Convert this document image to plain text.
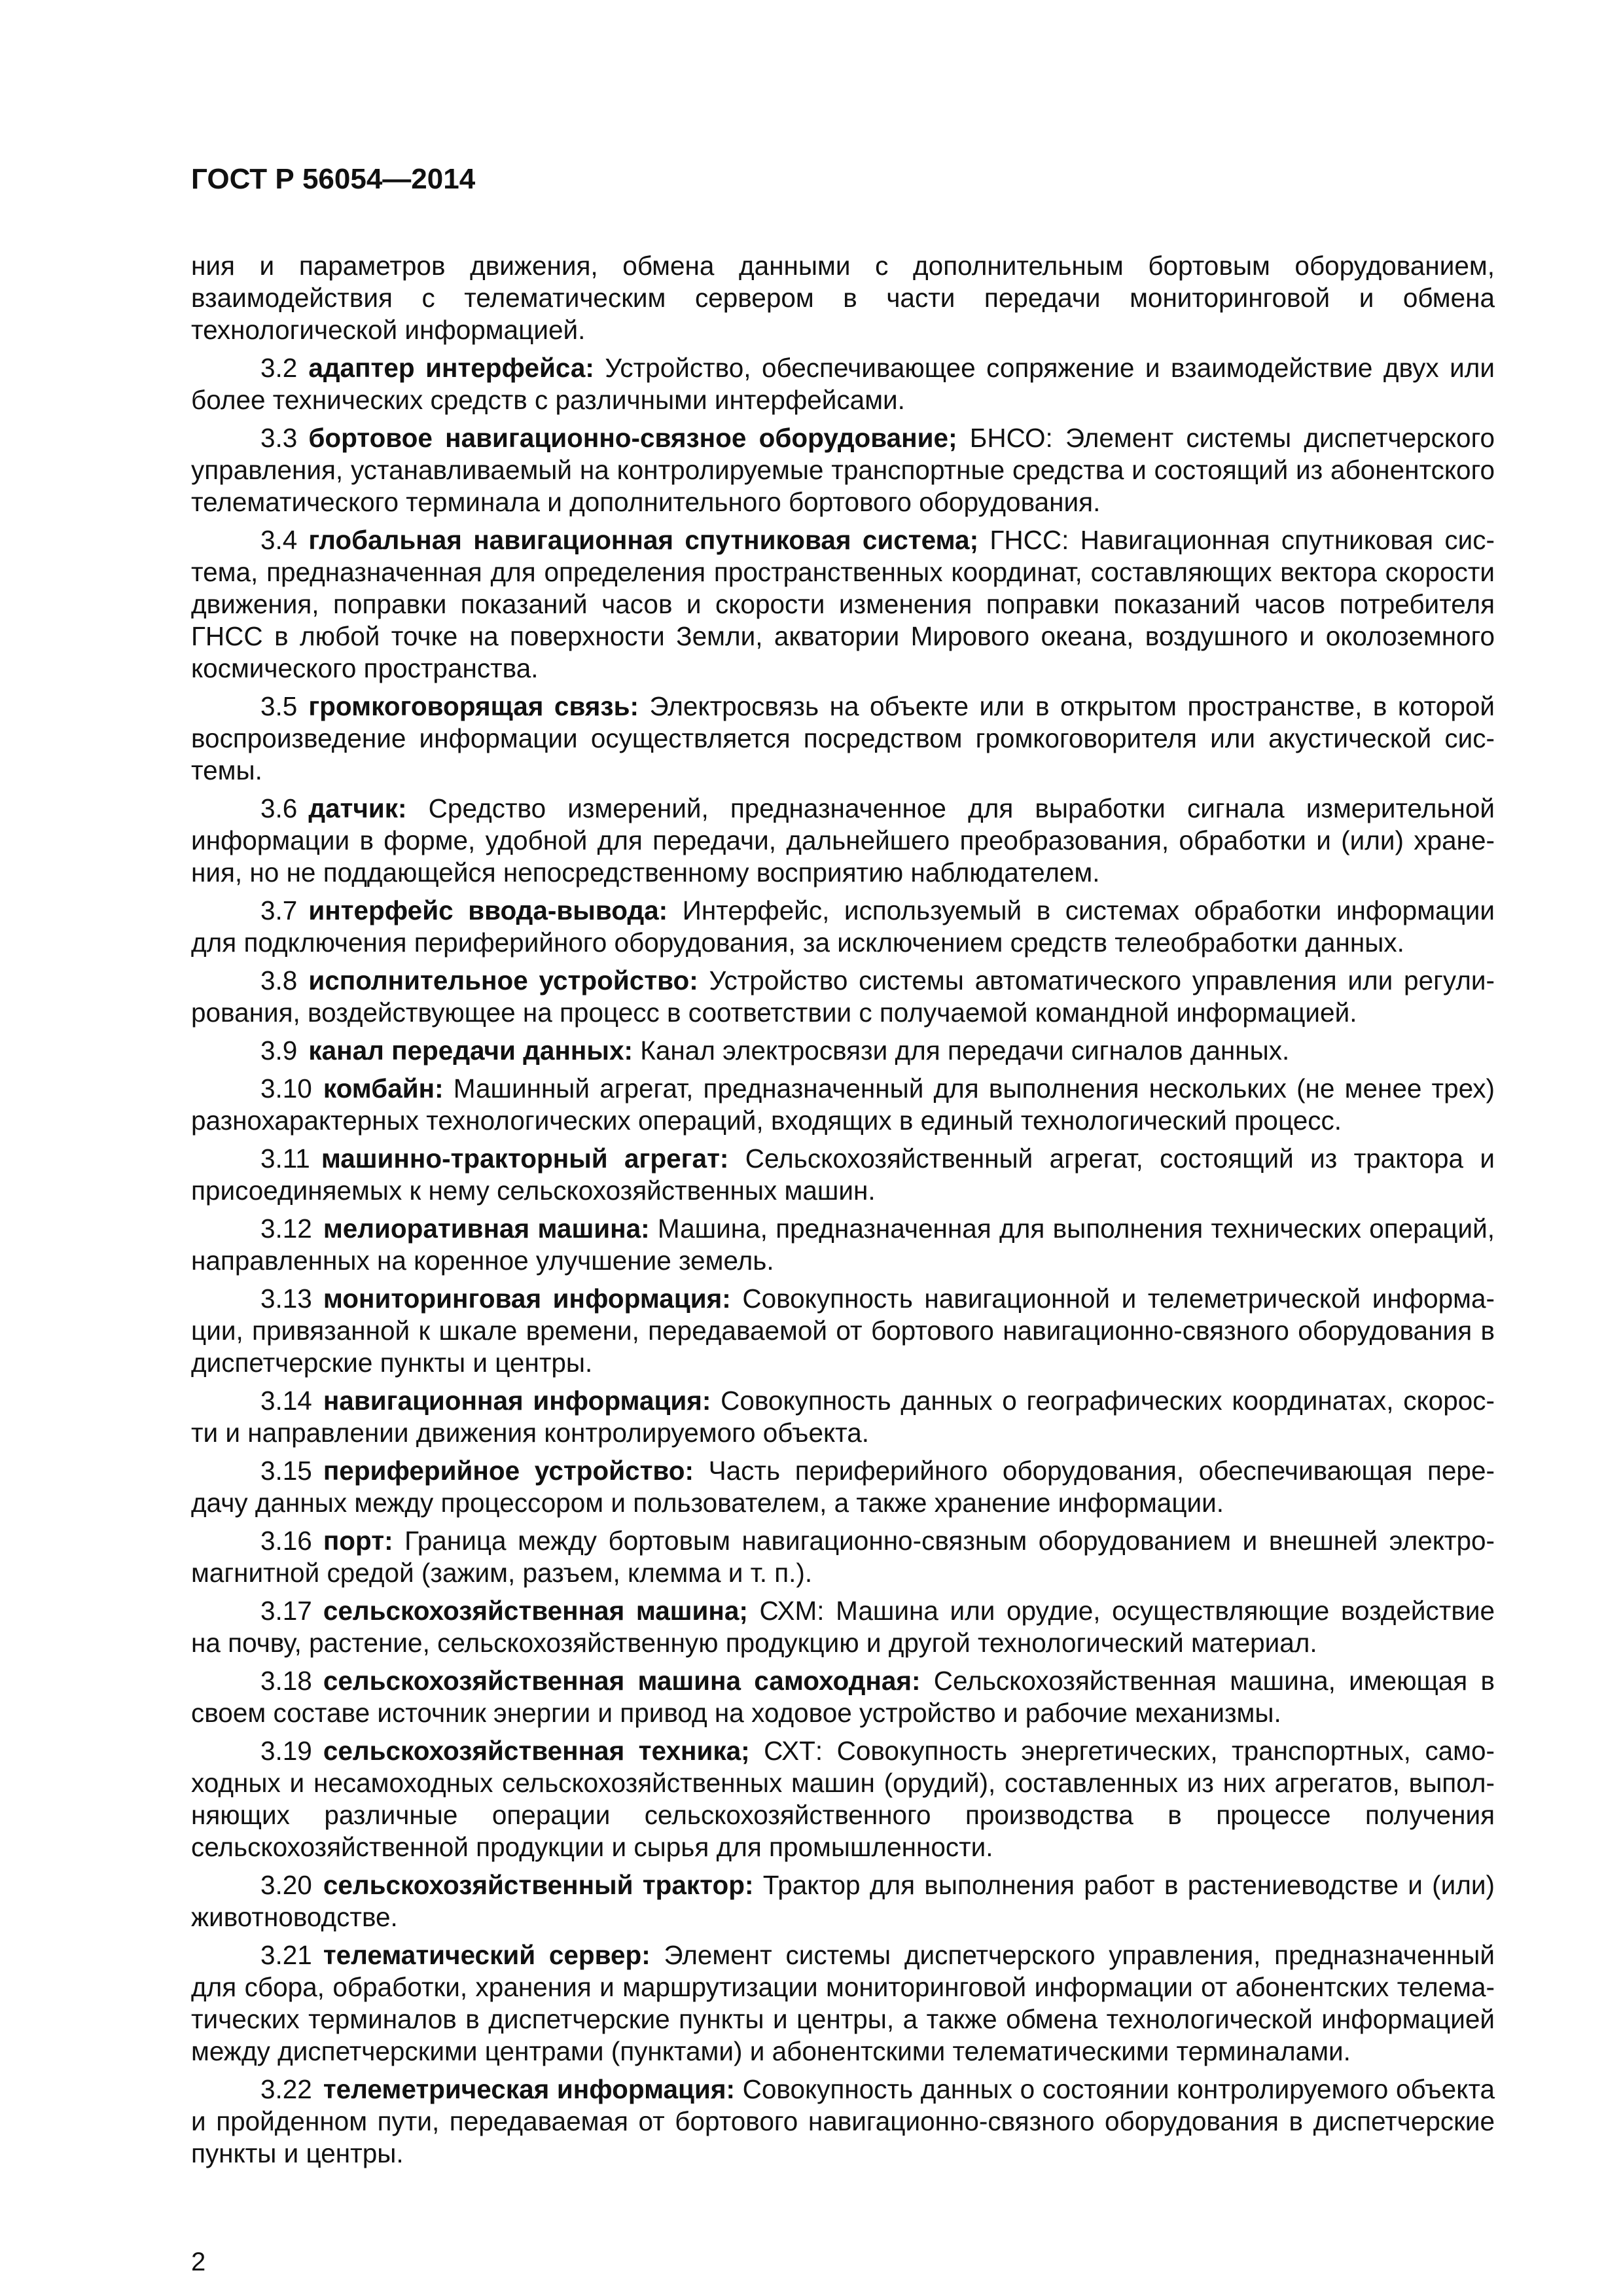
ГОСТ Р 56054—2014

ния и параметров движения, обмена данными с дополнительным бортовым оборудованием, взаимодействия с телематическим сервером в части передачи мониторинговой и обмена технологической информацией.

3.2 адаптер интерфейса: Устройство, обеспечивающее сопряжение и взаимодействие двух или более технических средств с различными интерфейсами.

3.3 бортовое навигационно-связное оборудование; БНСО: Элемент системы диспетчерского управления, устанавливаемый на контролируемые транспортные средства и состоящий из абонентского телематического терминала и дополнительного бортового оборудования.

3.4 глобальная навигационная спутниковая система; ГНСС: Навигационная спутниковая система, предназначенная для определения пространственных координат, составляющих вектора скорости движения, поправки показаний часов и скорости изменения поправки показаний часов потребителя ГНСС в любой точке на поверхности Земли, акватории Мирового океана, воздушного и околоземного космического пространства.

3.5 громкоговорящая связь: Электросвязь на объекте или в открытом пространстве, в которой воспроизведение информации осуществляется посредством громкоговорителя или акустической системы.

3.6 датчик: Средство измерений, предназначенное для выработки сигнала измерительной информации в форме, удобной для передачи, дальнейшего преобразования, обработки и (или) хранения, но не поддающейся непосредственному восприятию наблюдателем.

3.7 интерфейс ввода-вывода: Интерфейс, используемый в системах обработки информации для подключения периферийного оборудования, за исключением средств телеобработки данных.

3.8 исполнительное устройство: Устройство системы автоматического управления или регулирования, воздействующее на процесс в соответствии с получаемой командной информацией.

3.9 канал передачи данных: Канал электросвязи для передачи сигналов данных.

3.10 комбайн: Машинный агрегат, предназначенный для выполнения нескольких (не менее трех) разнохарактерных технологических операций, входящих в единый технологический процесс.

3.11 машинно-тракторный агрегат: Сельскохозяйственный агрегат, состоящий из трактора и присоединяемых к нему сельскохозяйственных машин.

3.12 мелиоративная машина: Машина, предназначенная для выполнения технических операций, направленных на коренное улучшение земель.

3.13 мониторинговая информация: Совокупность навигационной и телеметрической информации, привязанной к шкале времени, передаваемой от бортового навигационно-связного оборудования в диспетчерские пункты и центры.

3.14 навигационная информация: Совокупность данных о географических координатах, скорости и направлении движения контролируемого объекта.

3.15 периферийное устройство: Часть периферийного оборудования, обеспечивающая передачу данных между процессором и пользователем, а также хранение информации.

3.16 порт: Граница между бортовым навигационно-связным оборудованием и внешней электромагнитной средой (зажим, разъем, клемма и т. п.).

3.17 сельскохозяйственная машина; СХМ: Машина или орудие, осуществляющие воздействие на почву, растение, сельскохозяйственную продукцию и другой технологический материал.

3.18 сельскохозяйственная машина самоходная: Сельскохозяйственная машина, имеющая в своем составе источник энергии и привод на ходовое устройство и рабочие механизмы.

3.19 сельскохозяйственная техника; СХТ: Совокупность энергетических, транспортных, самоходных и несамоходных сельскохозяйственных машин (орудий), составленных из них агрегатов, выполняющих различные операции сельскохозяйственного производства в процессе получения сельскохозяйственной продукции и сырья для промышленности.

3.20 сельскохозяйственный трактор: Трактор для выполнения работ в растениеводстве и (или) животноводстве.

3.21 телематический сервер: Элемент системы диспетчерского управления, предназначенный для сбора, обработки, хранения и маршрутизации мониторинговой информации от абонентских телематических терминалов в диспетчерские пункты и центры, а также обмена технологической информацией между диспетчерскими центрами (пунктами) и абонентскими телематическими терминалами.

3.22 телеметрическая информация: Совокупность данных о состоянии контролируемого объекта и пройденном пути, передаваемая от бортового навигационно-связного оборудования в диспетчерские пункты и центры.

2
